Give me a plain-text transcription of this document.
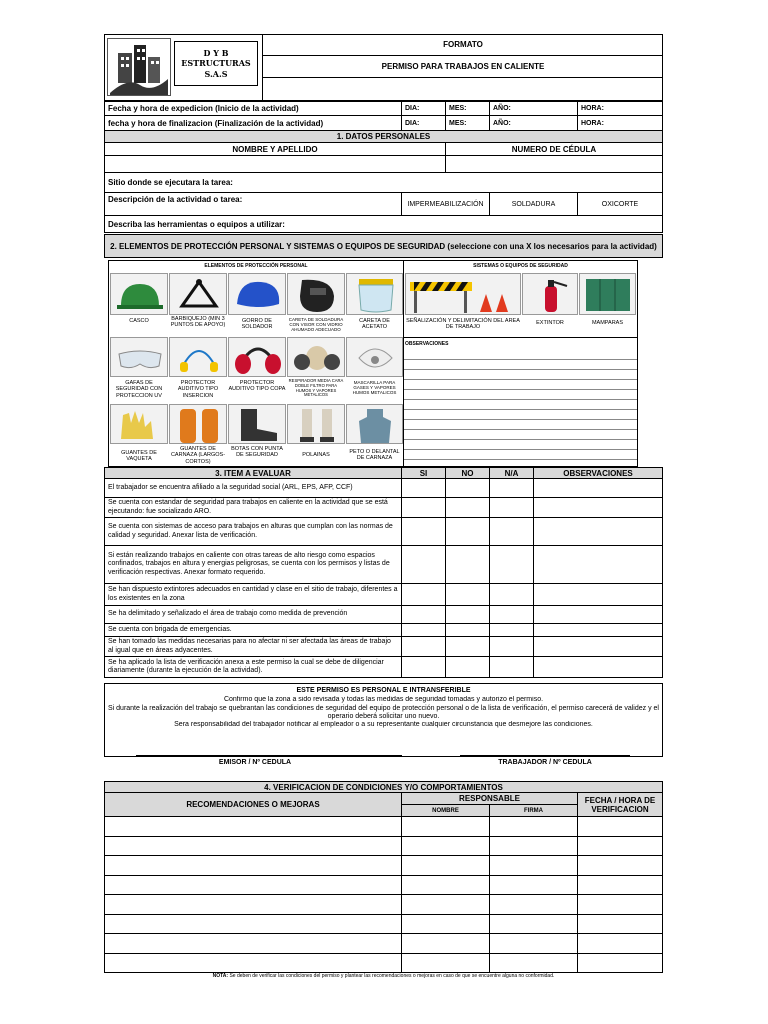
D Y B
ESTRUCTURAS
S.A.S
FORMATO
PERMISO PARA TRABAJOS EN CALIENTE
Fecha y hora de expedicion (Inicio de la actividad)	DIA:	MES:	AÑO:	HORA:
fecha y hora de finalizacion (Finalización de la actividad)	DIA:	MES:	AÑO:	HORA:
1. DATOS PERSONALES
NOMBRE Y APELLIDO	NUMERO DE CÉDULA
Sitio donde se ejecutara la tarea:
Descripción de la actividad o tarea:	IMPERMEABILIZACIÓN	SOLDADURA	OXICORTE
Describa las herramientas o equipos a utilizar:
2. ELEMENTOS DE PROTECCIÓN PERSONAL Y SISTEMAS O EQUIPOS DE SEGURIDAD (seleccione con una X los necesarios para la actividad)
ELEMENTOS DE PROTECCIÓN PERSONAL	SISTEMAS O EQUIPOS DE SEGURIDAD
CASCO	BARBIQUEJO (MIN 3 PUNTOS DE APOYO)
GORRO DE SOLDADOR
CARETA DE SOLDADURA CON VISOR CON VIDRIO AHUMADO ADECUADO
CARETA DE ACETATO
SEÑALIZACIÓN Y DELIMITACIÓN DEL AREA DE TRABAJO
EXTINTOR	MAMPARAS
OBSERVACIONES
GAFAS DE SEGURIDAD CON PROTECCION UV
PROTECTOR AUDITIVO TIPO INSERCION
PROTECTOR AUDITIVO TIPO COPA
RESPIRADOR MEDIA CARA DOBLE FILTRO PARA HUMOS Y VAPORES METALICOS
MASCARILLA PARA GASES Y VAPORES HUMOS METALICOS
GUANTES DE VAQUETA
GUANTES DE CARNAZA (LARGOS-CORTOS)
BOTAS CON PUNTA DE SEGURIDAD	POLAINAS	PETO O DELANTAL DE CARNAZA
3. ITEM A EVALUAR	SI	NO	N/A	OBSERVACIONES
El trabajador se encuentra afiliado a la seguridad social (ARL, EPS, AFP, CCF)
Se cuenta con estandar de seguridad para trabajos en caliente en la actividad que se está ejecutando: fue socializado ARO.
Se cuenta con sistemas de acceso para trabajos en alturas que cumplan con las normas de calidad y seguridad. Anexar lista de verificación.
Si están realizando trabajos en caliente con otras tareas de alto riesgo como espacios confinados, trabajos en altura y energias peligrosas, se cuenta con los permisos y listas de verificación respectivas. Anexar formato requerido.
Se han dispuesto extintores adecuados en cantidad y clase en el sitio de trabajo, diferentes a los existentes en la zona
Se ha delimitado y señalizado el área de trabajo como medida de prevención
Se cuenta con brigada de emergencias.
Se han tomado las medidas necesarias para no afectar ni ser afectada las áreas de trabajo al igual que en áreas adyacentes.
Se ha aplicado la lista de verificación anexa a este permiso la cual se debe de diligenciar diariamente (durante la ejecución de la actividad).
ESTE PERMISO ES PERSONAL E INTRANSFERIBLE
Confirmo que la zona a sido revisada y todas las medidas de seguridad tomadas y autorizo el permiso.
Si durante la realización del trabajo se quebrantan las condiciones de seguridad del equipo de protección personal o de la lista de verificación, el permiso carecerá de validez y el operario deberá solicitar uno nuevo.
Sera responsabilidad del trabajador notificar al empleador o a su representante cualquier circunstancia que desmejore las condiciones.
EMISOR / Nº CEDULA	TRABAJADOR / Nº CEDULA
4. VERIFICACION DE CONDICIONES Y/O COMPORTAMIENTOS
RECOMENDACIONES O MEJORAS
RESPONSABLE
NOMBRE	FIRMA
FECHA / HORA DE VERIFICACION
NOTA: Se deben de verificar las condiciones del permiso y plantear las recomendaciones o mejoras en caso de que se encuentre alguna no conformidad.
